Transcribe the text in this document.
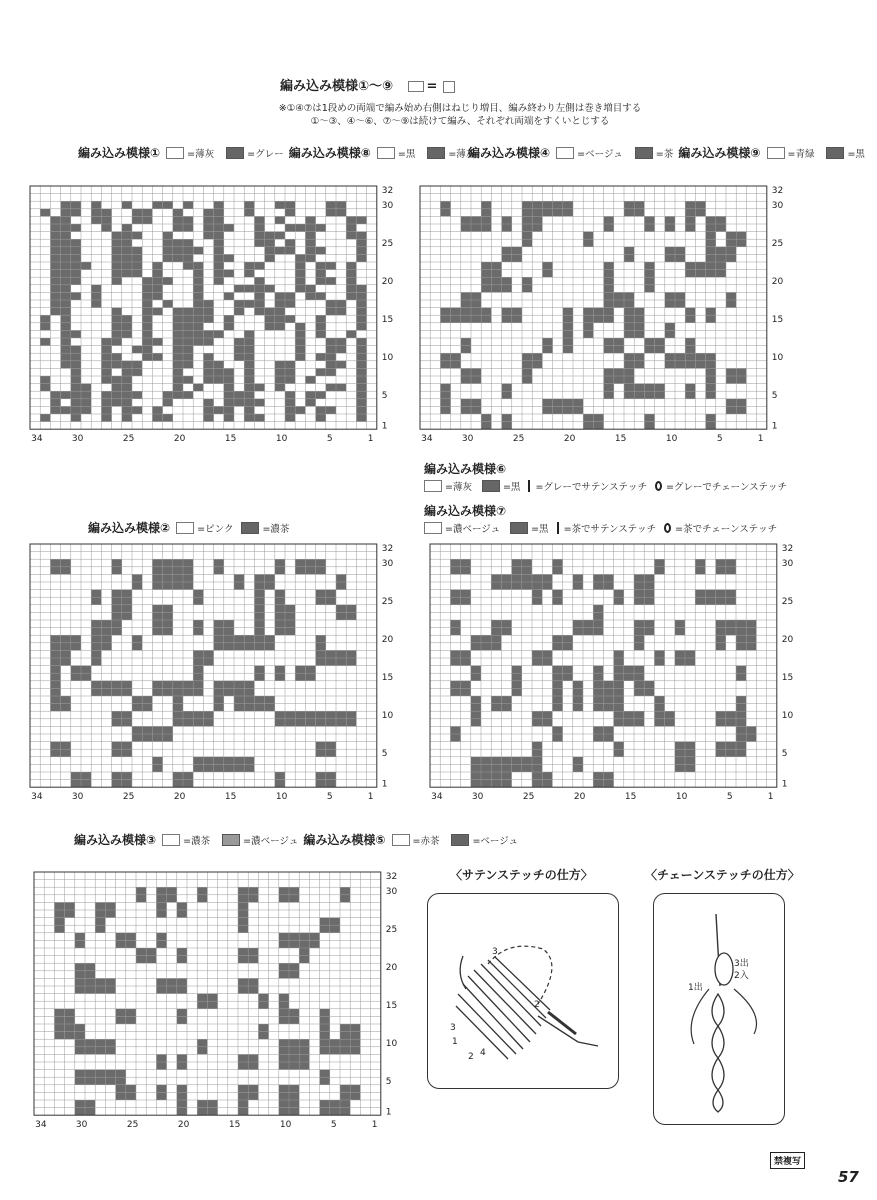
編み込み模様①〜⑨	=
※①④⑦は1段めの両端で編み始め右側はねじり増目、編み終わり左側は巻き増目する
①〜③、④〜⑥、⑦〜⑨は続けて編み、それぞれ両端をすくいとじする
編み込み模様①	=薄灰	=グレー
編み込み模様⑧	=黒	=薄灰
編み込み模様④	=ベージュ	=茶
編み込み模様⑨	=青緑	=黒
編み込み模様②	=ピンク	=濃茶
編み込み模様⑥
=薄灰	=黒 =グレーでサテンステッチ =グレーでチェーンステッチ
編み込み模様⑦
=濃ベージュ	=黒 =茶でサテンステッチ =茶でチェーンステッチ
編み込み模様③	=濃茶	=濃ベージュ
編み込み模様⑤	=赤茶	=ベージュ
1
5
10
15
20
25
30
32
34	30	25	20	15	10	5	1
1
5
10
15
20
25
30
32
34	30	25	20	15	10	5	1
1
5
10
15
20
25
30
32
34	30	25	20	15	10	5	1
1
5
10
15
20
25
30
32
34	30	25	20	15	10	5	1
1
5
10
15
20
25
30
32
34	30	25	20	15	10	5	1
〈サテンステッチの仕方〉	〈チェーンステッチの仕方〉
3
2
3
1
2 4
3出
2入
1出
禁複写
57
